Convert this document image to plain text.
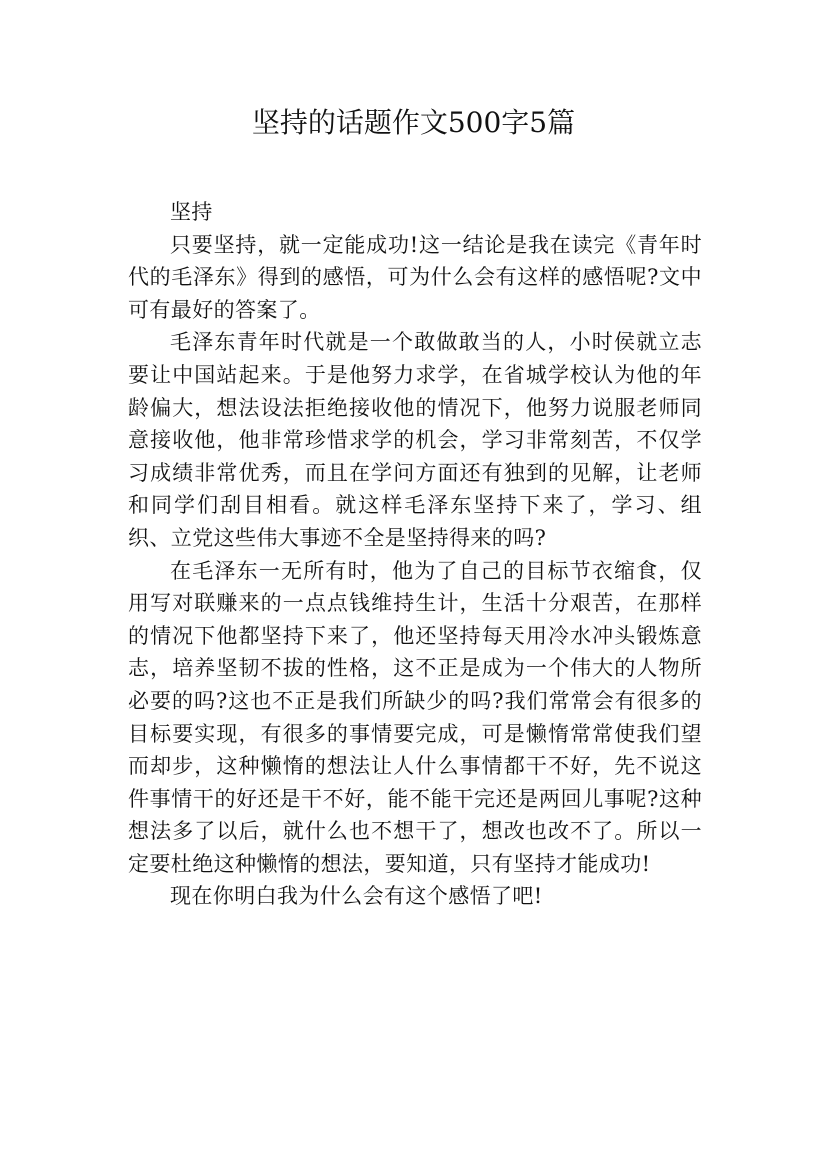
坚持的话题作文500字5篇

坚持

只要坚持，就一定能成功!这一结论是我在读完《青年时代的毛泽东》得到的感悟，可为什么会有这样的感悟呢?文中可有最好的答案了。

毛泽东青年时代就是一个敢做敢当的人，小时侯就立志要让中国站起来。于是他努力求学，在省城学校认为他的年龄偏大，想法设法拒绝接收他的情况下，他努力说服老师同意接收他，他非常珍惜求学的机会，学习非常刻苦，不仅学习成绩非常优秀，而且在学问方面还有独到的见解，让老师和同学们刮目相看。就这样毛泽东坚持下来了，学习、组织、立党这些伟大事迹不全是坚持得来的吗?

在毛泽东一无所有时，他为了自己的目标节衣缩食，仅用写对联赚来的一点点钱维持生计，生活十分艰苦，在那样的情况下他都坚持下来了，他还坚持每天用冷水冲头锻炼意志，培养坚韧不拔的性格，这不正是成为一个伟大的人物所必要的吗?这也不正是我们所缺少的吗?我们常常会有很多的目标要实现，有很多的事情要完成，可是懒惰常常使我们望而却步，这种懒惰的想法让人什么事情都干不好，先不说这件事情干的好还是干不好，能不能干完还是两回儿事呢?这种想法多了以后，就什么也不想干了，想改也改不了。所以一定要杜绝这种懒惰的想法，要知道，只有坚持才能成功!

现在你明白我为什么会有这个感悟了吧!
